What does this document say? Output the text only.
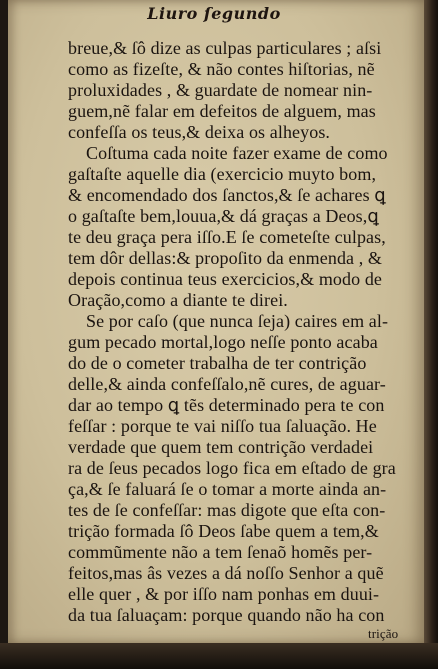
Liuro ſegundo
breue,& ſô dize as culpas particulares ; aſsi
como as fizeſte, & não contes hiſtorias, nẽ
proluxidades , & guardate de nomear nin-
guem,nẽ falar em defeitos de alguem, mas
confeſſa os teus,& deixa os alheyos.
Coſtuma cada noite fazer exame de como
gaſtaſte aquelle dia (exercicio muyto bom,
& encomendado dos ſanctos,& ſe achares ꝗ
o gaſtaſte bem,louua,& dá graças a Deos,ꝗ
te deu graça pera iſſo.E ſe cometeſte culpas,
tem dôr dellas:& propoſito da enmenda , &
depois continua teus exercicios,& modo de
Oração,como a diante te direi.
Se por caſo (que nunca ſeja) caires em al-
gum pecado mortal,logo neſſe ponto acaba
do de o cometer trabalha de ter contrição
delle,& ainda confeſſalo,nẽ cures, de aguar-
dar ao tempo ꝗ tẽs determinado pera te con
feſſar : porque te vai niſſo tua ſaluação. He
verdade que quem tem contrição verdadei
ra de ſeus pecados logo fica em eſtado de gra
ça,& ſe faluará ſe o tomar a morte ainda an-
tes de ſe confeſſar: mas digote que eſta con-
trição formada ſô Deos ſabe quem a tem,&
commũmente não a tem ſenaõ homẽs per-
feitos,mas âs vezes a dá noſſo Senhor a quẽ
elle quer , & por iſſo nam ponhas em duui-
da tua ſaluaçam: porque quando não ha con
trição
